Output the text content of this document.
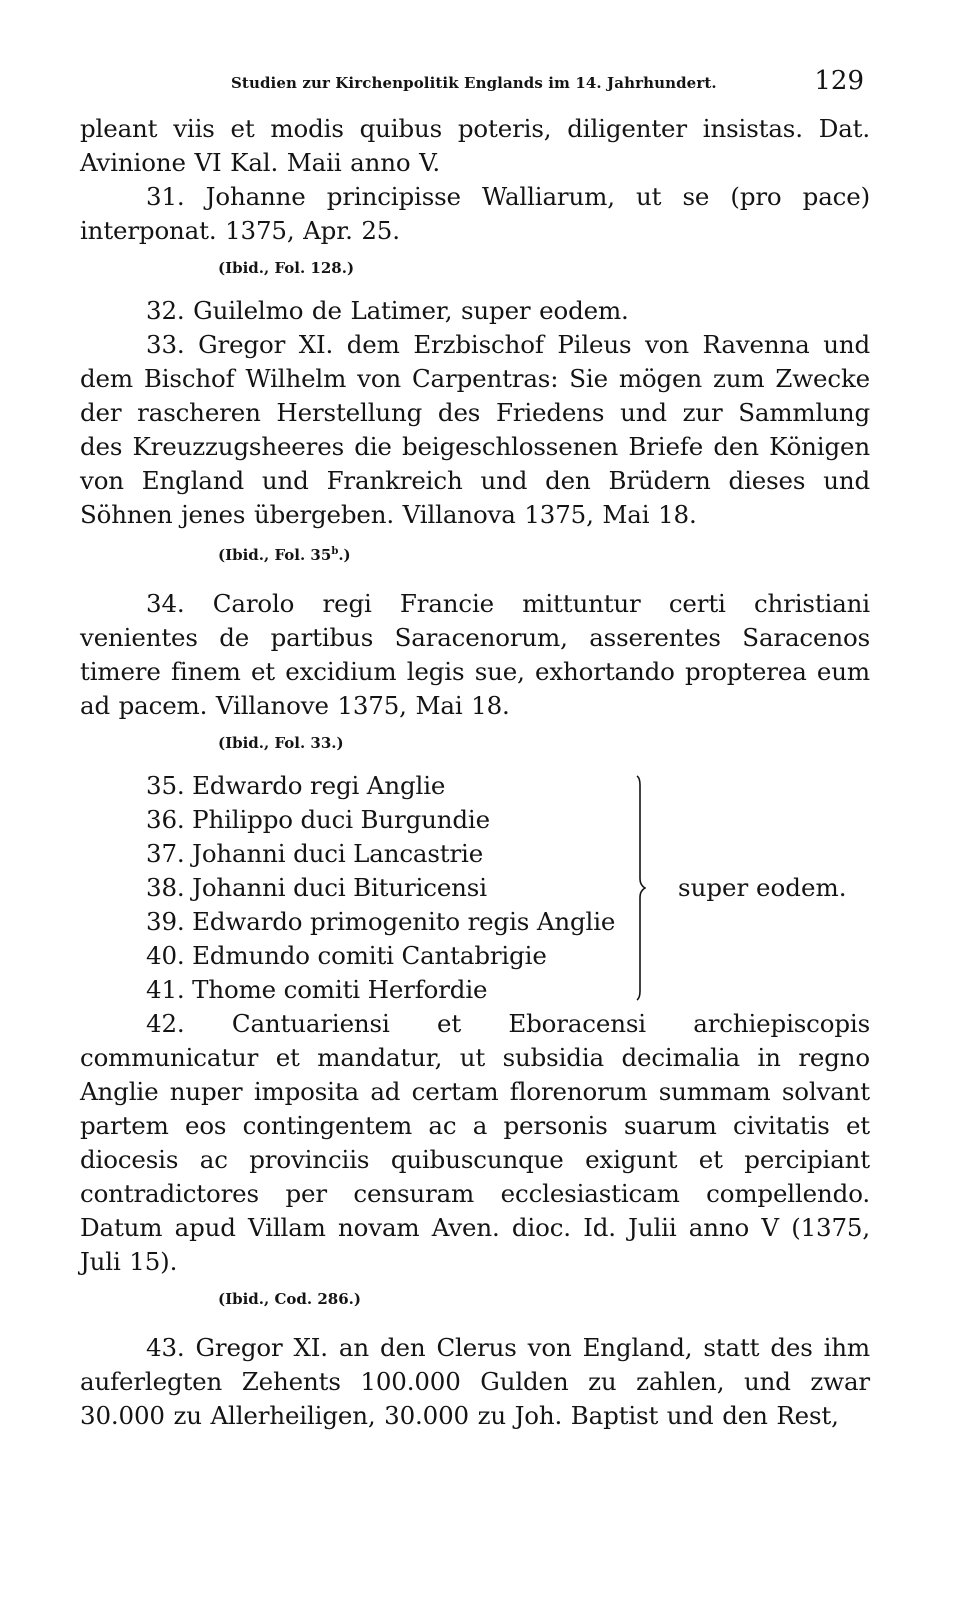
Studien zur Kirchenpolitik Englands im 14. Jahrhundert.	129

pleant viis et modis quibus poteris, diligenter insistas. Dat. Avinione VI Kal. Maii anno V.

31. Johanne principisse Walliarum, ut se (pro pace) interponat. 1375, Apr. 25.

(Ibid., Fol. 128.)

32. Guilelmo de Latimer, super eodem.

33. Gregor XI. dem Erzbischof Pileus von Ravenna und dem Bischof Wilhelm von Carpentras: Sie mögen zum Zwecke der rascheren Herstellung des Friedens und zur Sammlung des Kreuzzugsheeres die beigeschlossenen Briefe den Königen von England und Frankreich und den Brüdern dieses und Söhnen jenes übergeben. Villanova 1375, Mai 18.

(Ibid., Fol. 35$^b$.)

34. Carolo regi Francie mittuntur certi christiani venientes de partibus Saracenorum, asserentes Saracenos timere finem et excidium legis sue, exhortando propterea eum ad pacem. Villanove 1375, Mai 18.

(Ibid., Fol. 33.)

35. Edwardo regi Anglie
36. Philippo duci Burgundie
37. Johanni duci Lancastrie
38. Johanni duci Bituricensi
39. Edwardo primogenito regis Anglie
40. Edmundo comiti Cantabrigie
41. Thome comiti Herfordie
super eodem.

42. Cantuariensi et Eboracensi archiepiscopis communicatur et mandatur, ut subsidia decimalia in regno Anglie nuper imposita ad certam florenorum summam solvant partem eos contingentem ac a personis suarum civitatis et diocesis ac provinciis quibuscunque exigunt et percipiant contradictores per censuram ecclesiasticam compellendo. Datum apud Villam novam Aven. dioc. Id. Julii anno V (1375, Juli 15).

(Ibid., Cod. 286.)

43. Gregor XI. an den Clerus von England, statt des ihm auferlegten Zehents 100.000 Gulden zu zahlen, und zwar 30.000 zu Allerheiligen, 30.000 zu Joh. Baptist und den Rest,
